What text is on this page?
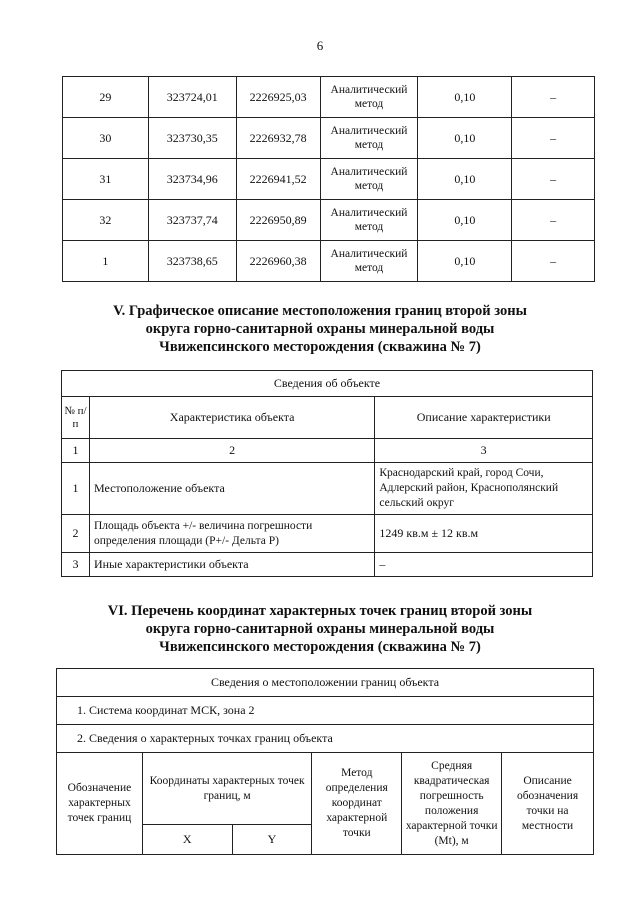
6
29	323724,01	2226925,03	Аналитический метод	0,10	–
30	323730,35	2226932,78	Аналитический метод	0,10	–
31	323734,96	2226941,52	Аналитический метод	0,10	–
32	323737,74	2226950,89	Аналитический метод	0,10	–
1	323738,65	2226960,38	Аналитический метод	0,10	–
V. Графическое описание местоположения границ второй зоны
округа горно-санитарной охраны минеральной воды
Чвижепсинского месторождения (скважина № 7)
Сведения об объекте		
№ п/п	Характеристика объекта	Описание характеристики
1	2	3
1	Местоположение объекта	Краснодарский край, город Сочи, Адлерский район, Краснополянский сельский округ
2	Площадь объекта +/- величина погрешности определения площади (Р+/- Дельта Р)	1249 кв.м ± 12 кв.м
3	Иные характеристики объекта	–
VI. Перечень координат характерных точек границ второй зоны
округа горно-санитарной охраны минеральной воды
Чвижепсинского месторождения (скважина № 7)
Сведения о местоположении границ объекта					
1. Система координат МСК, зона 2					
2. Сведения о характерных точках границ объекта					
Обозначение характерных точек границ	Координаты характерных точек границ, м		Метод определения координат характерной точки	Средняя квадратическая погрешность положения характерной точки (Mt), м	Описание обозначения точки на местности
	X	Y			
